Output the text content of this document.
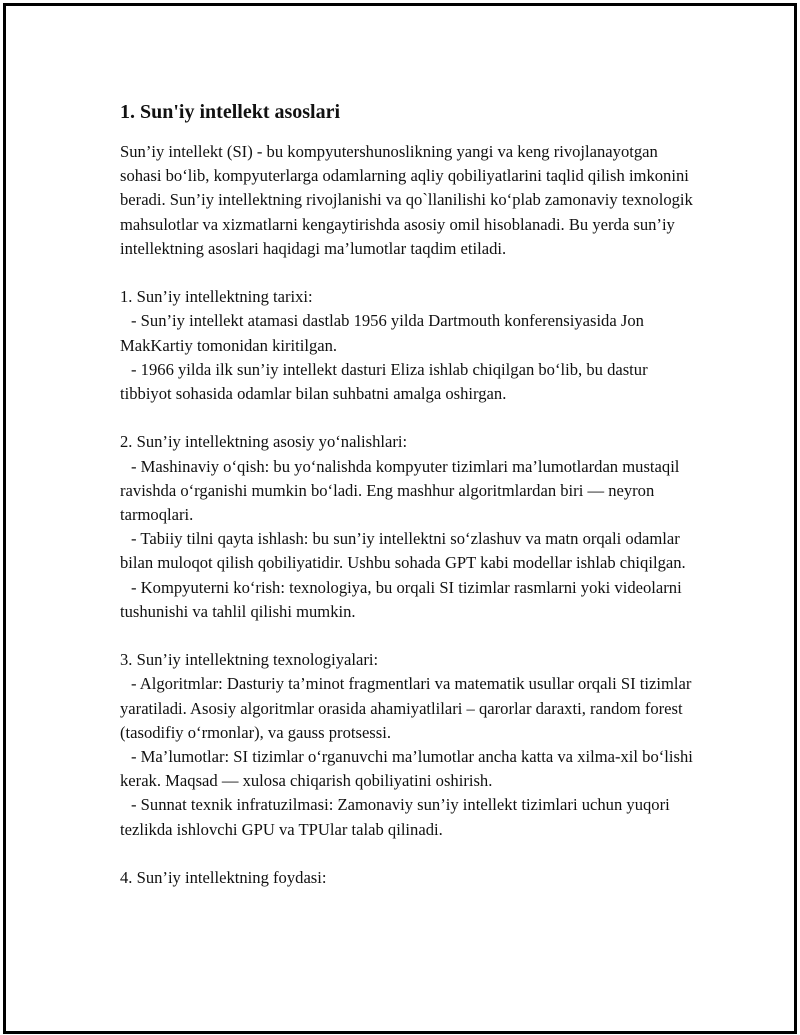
1. Sun'iy intellekt asoslari

Sun’iy intellekt (SI) - bu kompyutershunoslikning yangi va keng rivojlanayotgan sohasi bo‘lib, kompyuterlarga odamlarning aqliy qobiliyatlarini taqlid qilish imkonini beradi. Sun’iy intellektning rivojlanishi va qo`llanilishi ko‘plab zamonaviy texnologik mahsulotlar va xizmatlarni kengaytirishda asosiy omil hisoblanadi. Bu yerda sun’iy intellektning asoslari haqidagi ma’lumotlar taqdim etiladi.

1. Sun’iy intellektning tarixi:

- Sun’iy intellekt atamasi dastlab 1956 yilda Dartmouth konferensiyasida Jon MakKartiy tomonidan kiritilgan.

- 1966 yilda ilk sun’iy intellekt dasturi Eliza ishlab chiqilgan bo‘lib, bu dastur tibbiyot sohasida odamlar bilan suhbatni amalga oshirgan.

2. Sun’iy intellektning asosiy yo‘nalishlari:

- Mashinaviy o‘qish: bu yo‘nalishda kompyuter tizimlari ma’lumotlardan mustaqil ravishda o‘rganishi mumkin bo‘ladi. Eng mashhur algoritmlardan biri — neyron tarmoqlari.

- Tabiiy tilni qayta ishlash: bu sun’iy intellektni so‘zlashuv va matn orqali odamlar bilan muloqot qilish qobiliyatidir. Ushbu sohada GPT kabi modellar ishlab chiqilgan.

- Kompyuterni ko‘rish: texnologiya, bu orqali SI tizimlar rasmlarni yoki videolarni tushunishi va tahlil qilishi mumkin.

3. Sun’iy intellektning texnologiyalari:

- Algoritmlar: Dasturiy ta’minot fragmentlari va matematik usullar orqali SI tizimlar yaratiladi. Asosiy algoritmlar orasida ahamiyatlilari – qarorlar daraxti, random forest (tasodifiy o‘rmonlar), va gauss protsessi.

- Ma’lumotlar: SI tizimlar o‘rganuvchi ma’lumotlar ancha katta va xilma-xil bo‘lishi kerak. Maqsad — xulosa chiqarish qobiliyatini oshirish.

- Sunnat texnik infratuzilmasi: Zamonaviy sun’iy intellekt tizimlari uchun yuqori tezlikda ishlovchi GPU va TPUlar talab qilinadi.

4. Sun’iy intellektning foydasi:
